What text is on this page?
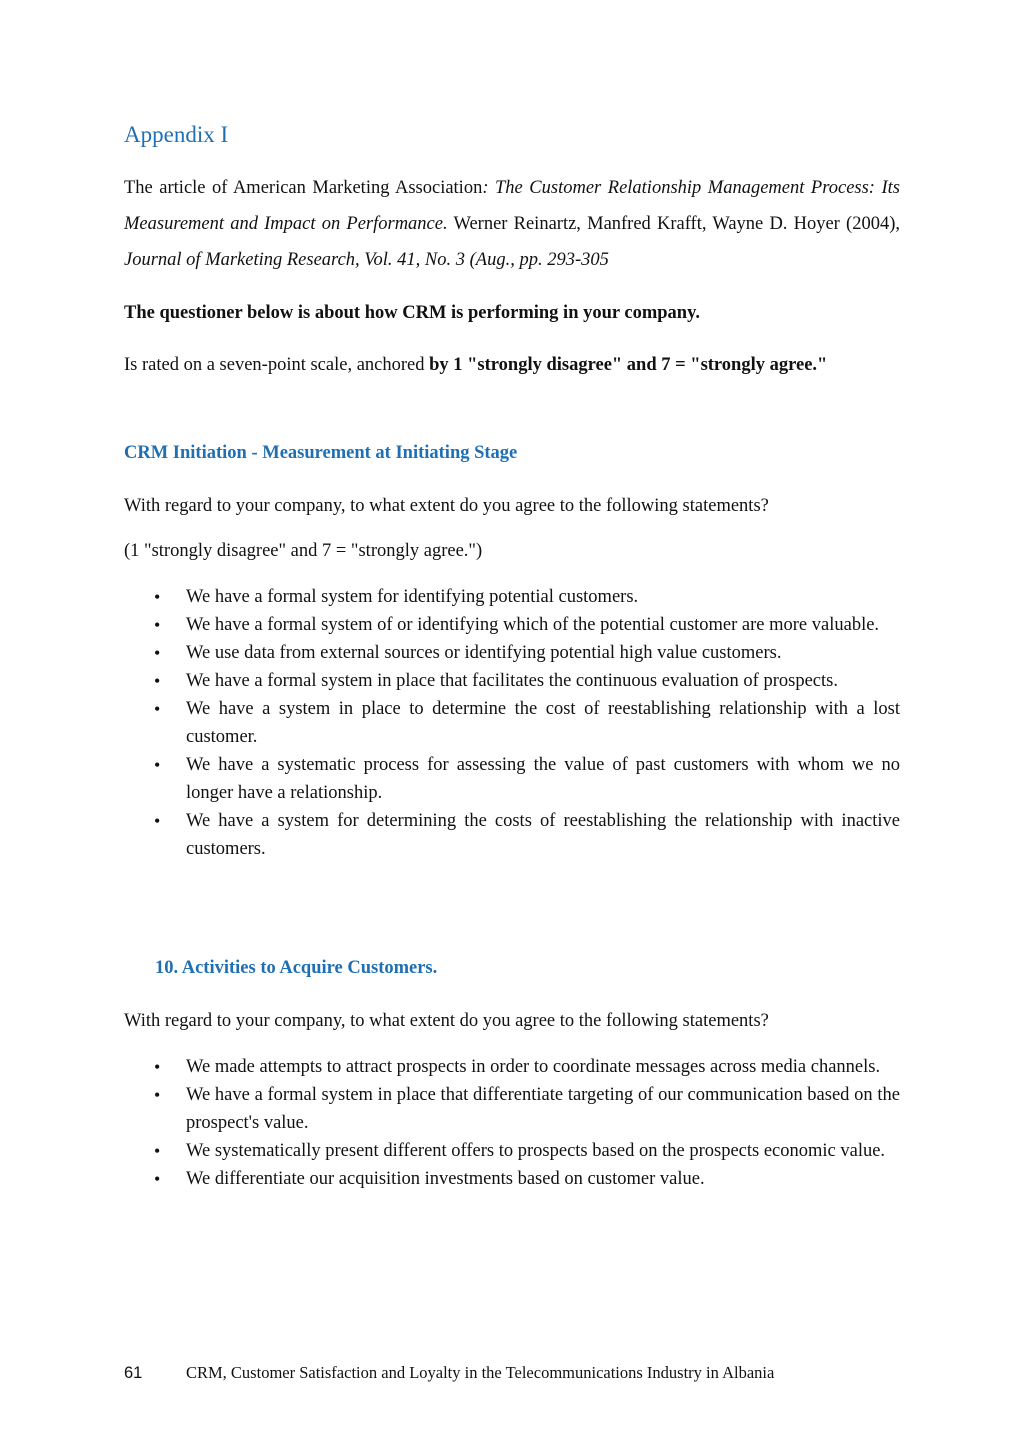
Appendix I
The article of American Marketing Association: The Customer Relationship Management Process: Its Measurement and Impact on Performance. Werner Reinartz, Manfred Krafft, Wayne D. Hoyer (2004), Journal of Marketing Research, Vol. 41, No. 3 (Aug., pp. 293-305
The questioner below is about how CRM is performing in your company.
Is rated on a seven-point scale, anchored by 1 "strongly disagree" and 7 = "strongly agree."
CRM Initiation - Measurement at Initiating Stage
With regard to your company, to what extent do you agree to the following statements?
(1 "strongly disagree" and 7 = "strongly agree.")
• We have a formal system for identifying potential customers.
• We have a formal system of or identifying which of the potential customer are more valuable.
• We use data from external sources or identifying potential high value customers.
• We have a formal system in place that facilitates the continuous evaluation of prospects.
• We have a system in place to determine the cost of reestablishing relationship with a lost customer.
• We have a systematic process for assessing the value of past customers with whom we no longer have a relationship.
• We have a system for determining the costs of reestablishing the relationship with inactive customers.
10. Activities to Acquire Customers.
With regard to your company, to what extent do you agree to the following statements?
• We made attempts to attract prospects in order to coordinate messages across media channels.
• We have a formal system in place that differentiate targeting of our communication based on the prospect's value.
• We systematically present different offers to prospects based on the prospects economic value.
• We differentiate our acquisition investments based on customer value.
61	CRM, Customer Satisfaction and Loyalty in the Telecommunications Industry in Albania
